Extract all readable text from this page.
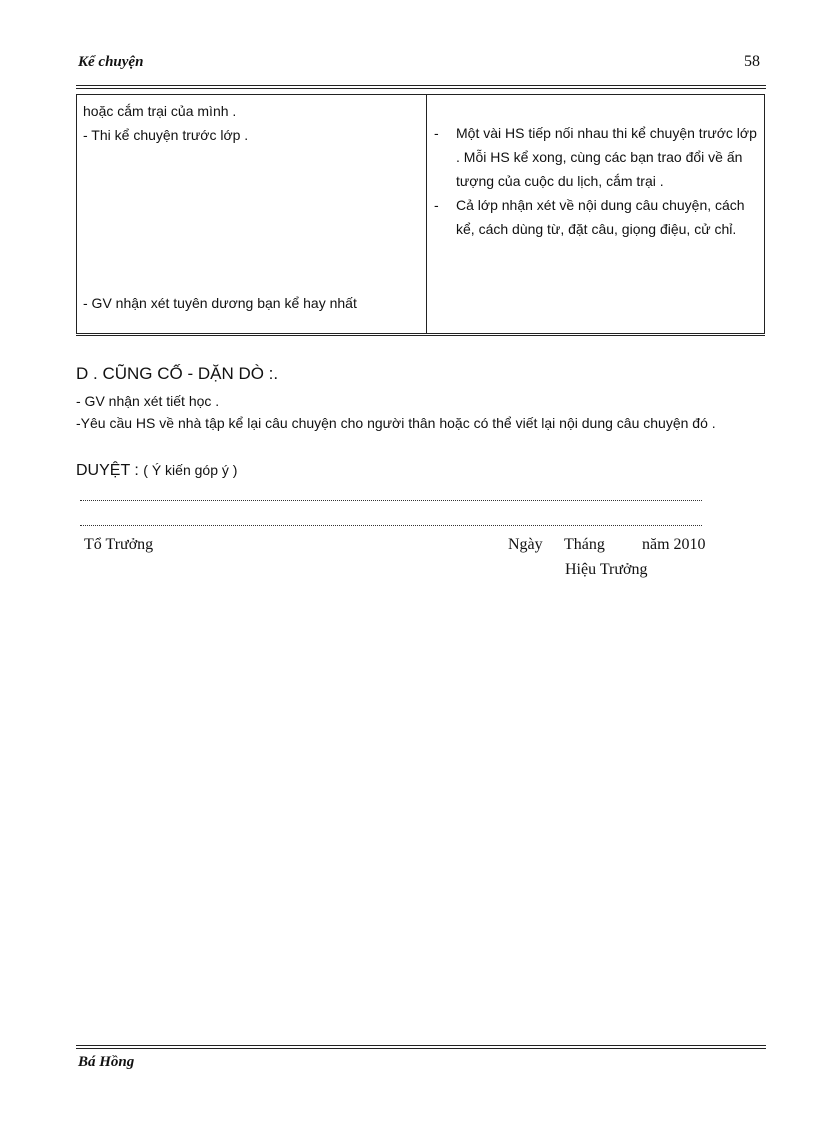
Kể chuyện	58
hoặc cắm trại của mình .
- Thi kể chuyện trước lớp .
- GV nhận xét tuyên dương bạn kể hay nhất

- Một vài HS tiếp nối nhau thi kể chuyện trước lớp . Mỗi HS kể xong, cùng các bạn trao đổi về ấn tượng của cuộc du lịch, cắm trại .
- Cả lớp nhận xét về nội dung câu chuyện, cách kể, cách dùng từ, đặt câu, giọng điệu, cử chỉ.
D . CŨNG CỐ - DẶN DÒ :.
- GV nhận xét tiết học .
-Yêu cầu HS về nhà tập kể lại câu chuyện cho người thân hoặc có thể viết lại nội dung câu chuyện đó .
DUYỆT : ( Ý kiến góp ý )
Tổ Trưởng	Ngày Tháng năm 2010
Hiệu Trưởng
Bá Hồng
